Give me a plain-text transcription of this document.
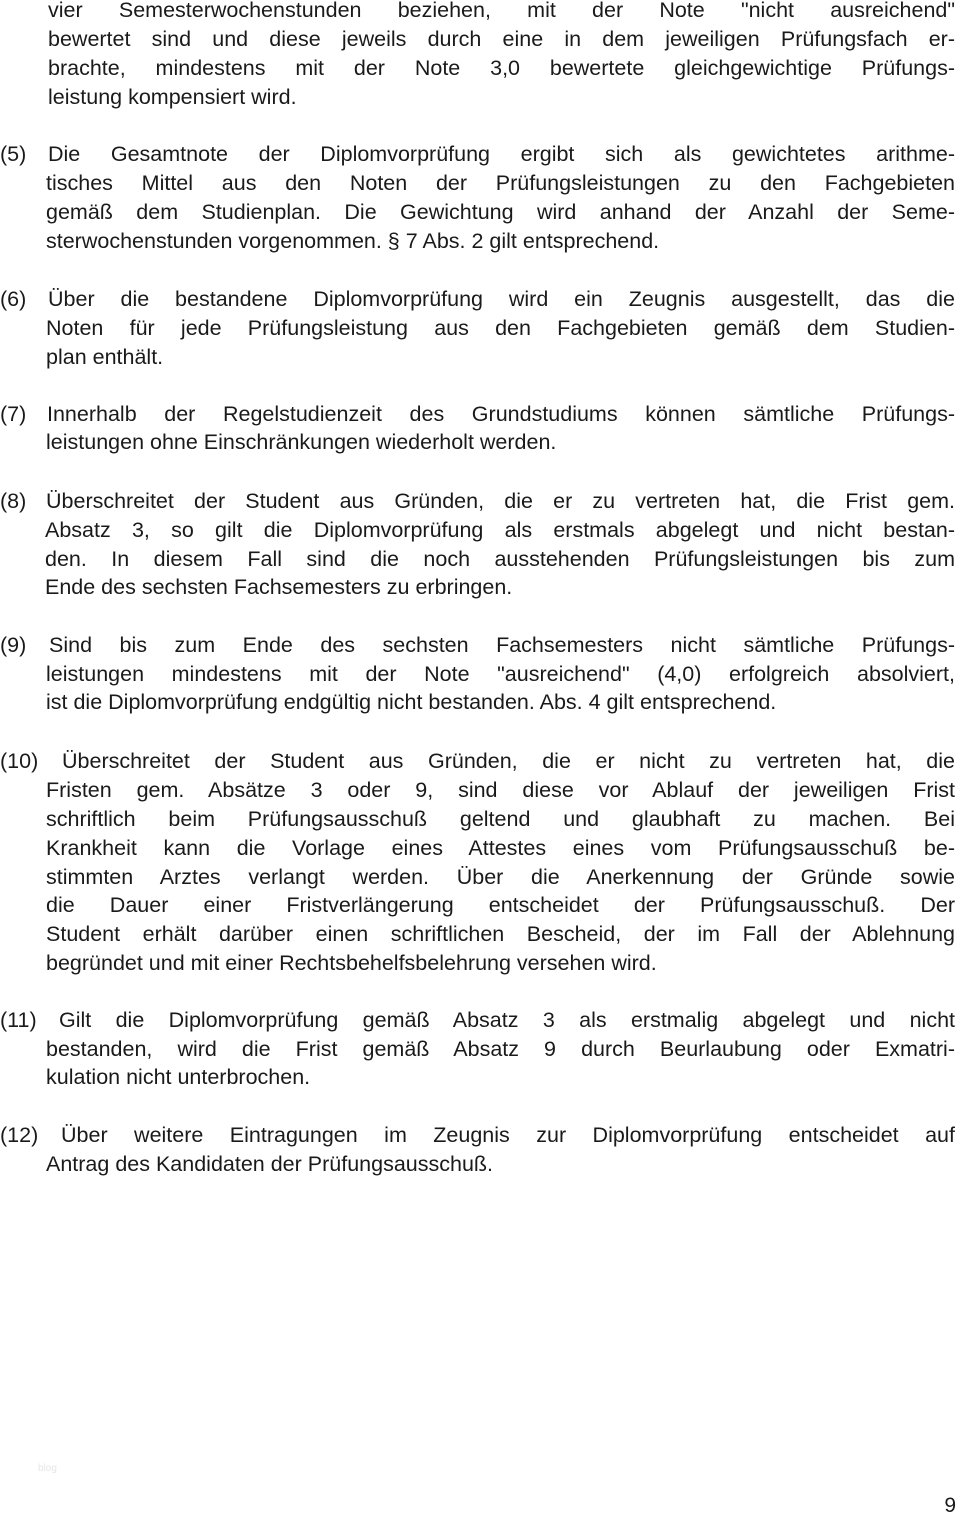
vier Semesterwochenstunden beziehen, mit der Note "nicht ausreichend"
bewertet sind und diese jeweils durch eine in dem jeweiligen Prüfungsfach er-
brachte, mindestens mit der Note 3,0 bewertete gleichgewichtige Prüfungs-
leistung kompensiert wird.
(5) Die Gesamtnote der Diplomvorprüfung ergibt sich als gewichtetes arithme-
tisches Mittel aus den Noten der Prüfungsleistungen zu den Fachgebieten
gemäß dem Studienplan. Die Gewichtung wird anhand der Anzahl der Seme-
sterwochenstunden vorgenommen. § 7 Abs. 2 gilt entsprechend.
(6) Über die bestandene Diplomvorprüfung wird ein Zeugnis ausgestellt, das die
Noten für jede Prüfungsleistung aus den Fachgebieten gemäß dem Studien-
plan enthält.
(7) Innerhalb der Regelstudienzeit des Grundstudiums können sämtliche Prüfungs-
leistungen ohne Einschränkungen wiederholt werden.
(8) Überschreitet der Student aus Gründen, die er zu vertreten hat, die Frist gem.
Absatz 3, so gilt die Diplomvorprüfung als erstmals abgelegt und nicht bestan-
den. In diesem Fall sind die noch ausstehenden Prüfungsleistungen bis zum
Ende des sechsten Fachsemesters zu erbringen.
(9) Sind bis zum Ende des sechsten Fachsemesters nicht sämtliche Prüfungs-
leistungen mindestens mit der Note "ausreichend" (4,0) erfolgreich absolviert,
ist die Diplomvorprüfung endgültig nicht bestanden. Abs. 4 gilt entsprechend.
(10) Überschreitet der Student aus Gründen, die er nicht zu vertreten hat, die
Fristen gem. Absätze 3 oder 9, sind diese vor Ablauf der jeweiligen Frist
schriftlich beim Prüfungsausschuß geltend und glaubhaft zu machen. Bei
Krankheit kann die Vorlage eines Attestes eines vom Prüfungsausschuß be-
stimmten Arztes verlangt werden. Über die Anerkennung der Gründe sowie
die Dauer einer Fristverlängerung entscheidet der Prüfungsausschuß. Der
Student erhält darüber einen schriftlichen Bescheid, der im Fall der Ablehnung
begründet und mit einer Rechtsbehelfsbelehrung versehen wird.
(11) Gilt die Diplomvorprüfung gemäß Absatz 3 als erstmalig abgelegt und nicht
bestanden, wird die Frist gemäß Absatz 9 durch Beurlaubung oder Exmatri-
kulation nicht unterbrochen.
(12) Über weitere Eintragungen im Zeugnis zur Diplomvorprüfung entscheidet auf
Antrag des Kandidaten der Prüfungsausschuß.
blog
9
